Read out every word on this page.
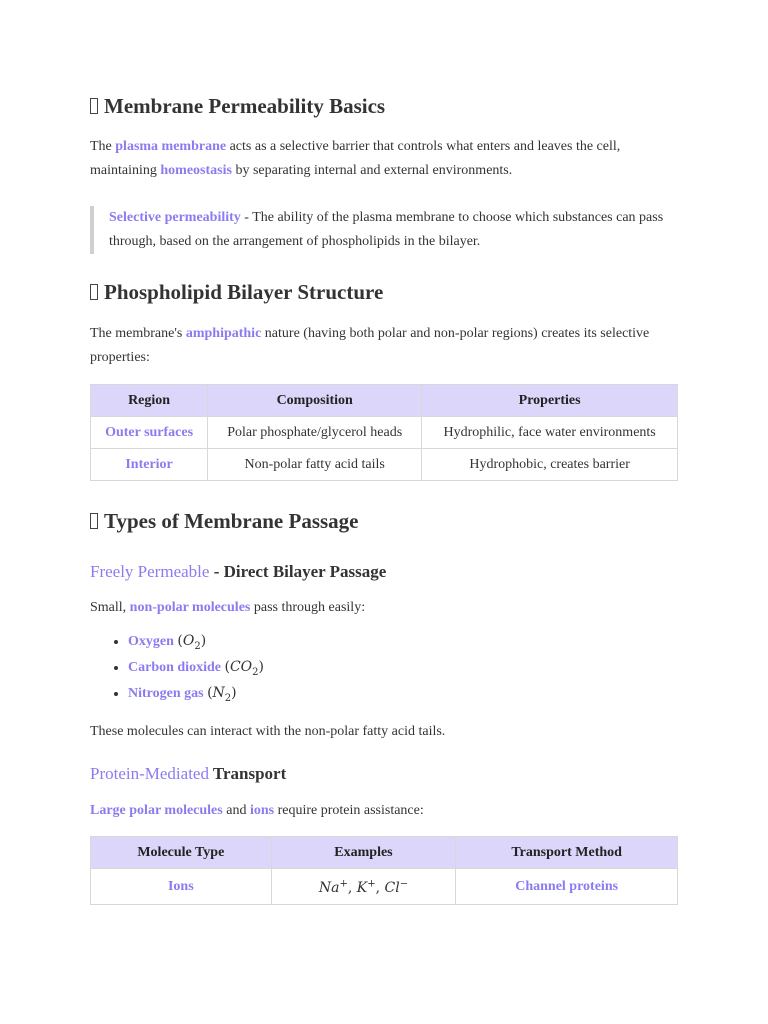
Membrane Permeability Basics

The plasma membrane acts as a selective barrier that controls what enters and leaves the cell, maintaining homeostasis by separating internal and external environments.

Selective permeability - The ability of the plasma membrane to choose which substances can pass through, based on the arrangement of phospholipids in the bilayer.
Phospholipid Bilayer Structure

The membrane's amphipathic nature (having both polar and non-polar regions) creates its selective properties:

Region	Composition	Properties
Outer surfaces	Polar phosphate/glycerol heads	Hydrophilic, face water environments
Interior	Non-polar fatty acid tails	Hydrophobic, creates barrier
Types of Membrane Passage
Freely Permeable - Direct Bilayer Passage

Small, non-polar molecules pass through easily:

• Oxygen $(O_2)$
• Carbon dioxide $(CO_2)$
• Nitrogen gas $(N_2)$

These molecules can interact with the non-polar fatty acid tails.

Protein-Mediated Transport

Large polar molecules and ions require protein assistance:

Molecule Type	Examples	Transport Method
Ions	Na+, K+, Cl−	Channel proteins
